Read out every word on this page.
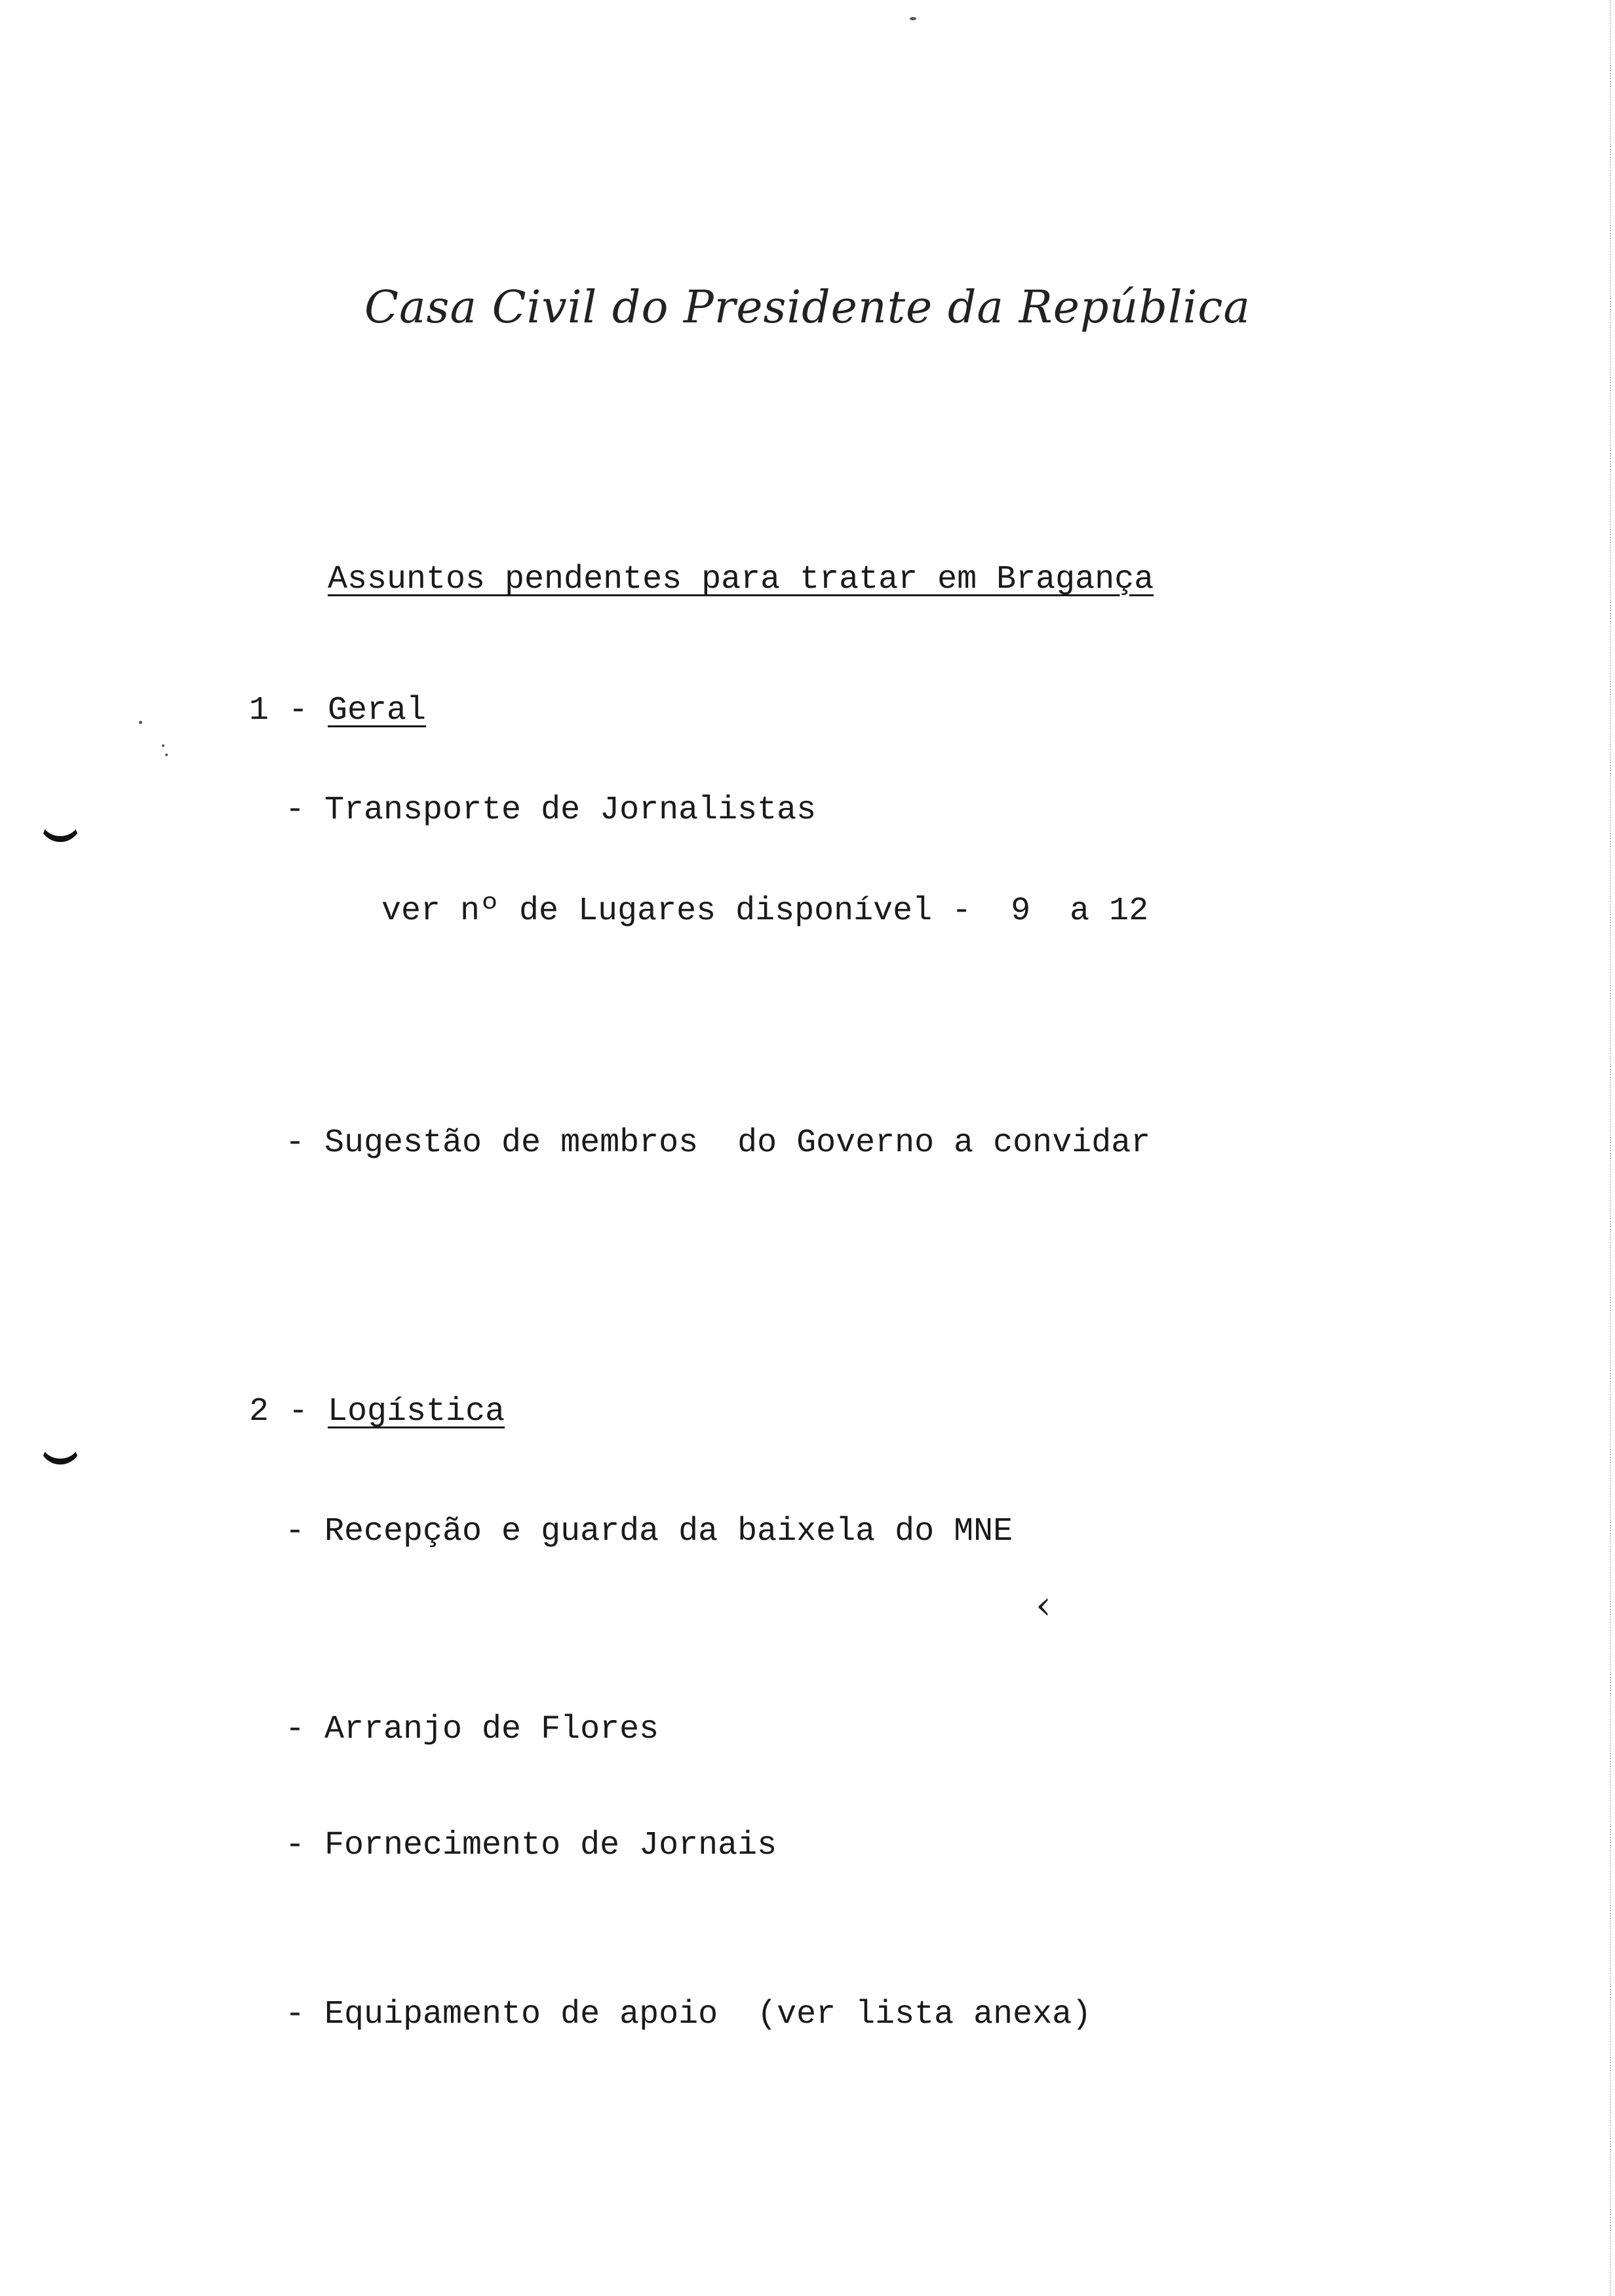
Casa Civil do Presidente da República
Assuntos pendentes para tratar em Bragança
1 - Geral
- Transporte de Jornalistas
ver nº de Lugares disponível -  9  a 12
- Sugestão de membros  do Governo a convidar
2 - Logística
- Recepção e guarda da baixela do MNE
- Arranjo de Flores
- Fornecimento de Jornais
- Equipamento de apoio  (ver lista anexa)
‹
